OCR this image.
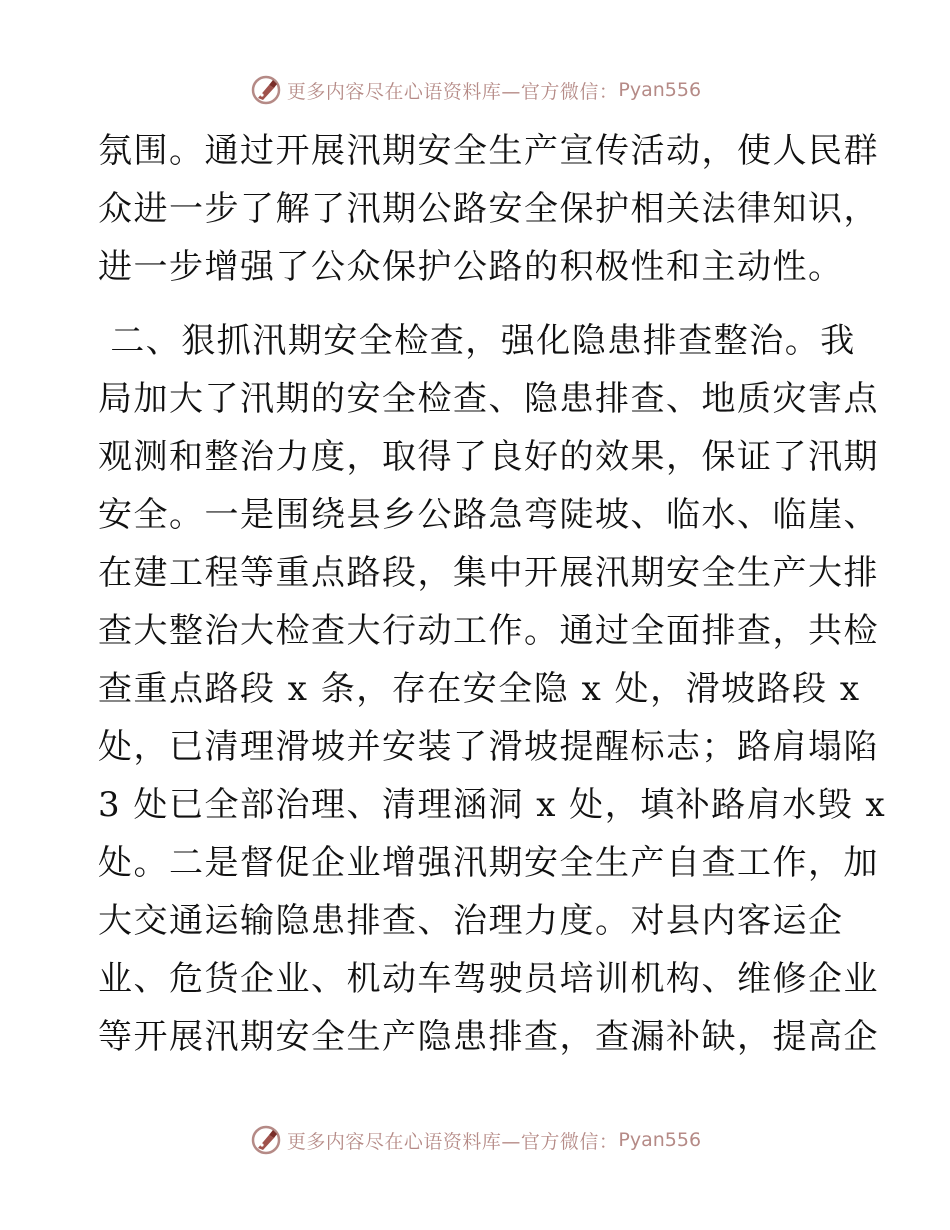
更多内容尽在心语资料库—官方微信： Pyan556
氛围。通过开展汛期安全生产宣传活动，使人民群
众进一步了解了汛期公路安全保护相关法律知识，
进一步增强了公众保护公路的积极性和主动性。
二、狠抓汛期安全检查，强化隐患排查整治。我
局加大了汛期的安全检查、隐患排查、地质灾害点
观测和整治力度，取得了良好的效果，保证了汛期
安全。一是围绕县乡公路急弯陡坡、临水、临崖、
在建工程等重点路段，集中开展汛期安全生产大排
查大整治大检查大行动工作。通过全面排查，共检
查重点路段 x 条，存在安全隐 x 处，滑坡路段 x
处，已清理滑坡并安装了滑坡提醒标志；路肩塌陷
3 处已全部治理、清理涵洞 x 处，填补路肩水毁 x
处。二是督促企业增强汛期安全生产自查工作，加
大交通运输隐患排查、治理力度。对县内客运企
业、危货企业、机动车驾驶员培训机构、维修企业
等开展汛期安全生产隐患排查，查漏补缺，提高企
更多内容尽在心语资料库—官方微信： Pyan556
